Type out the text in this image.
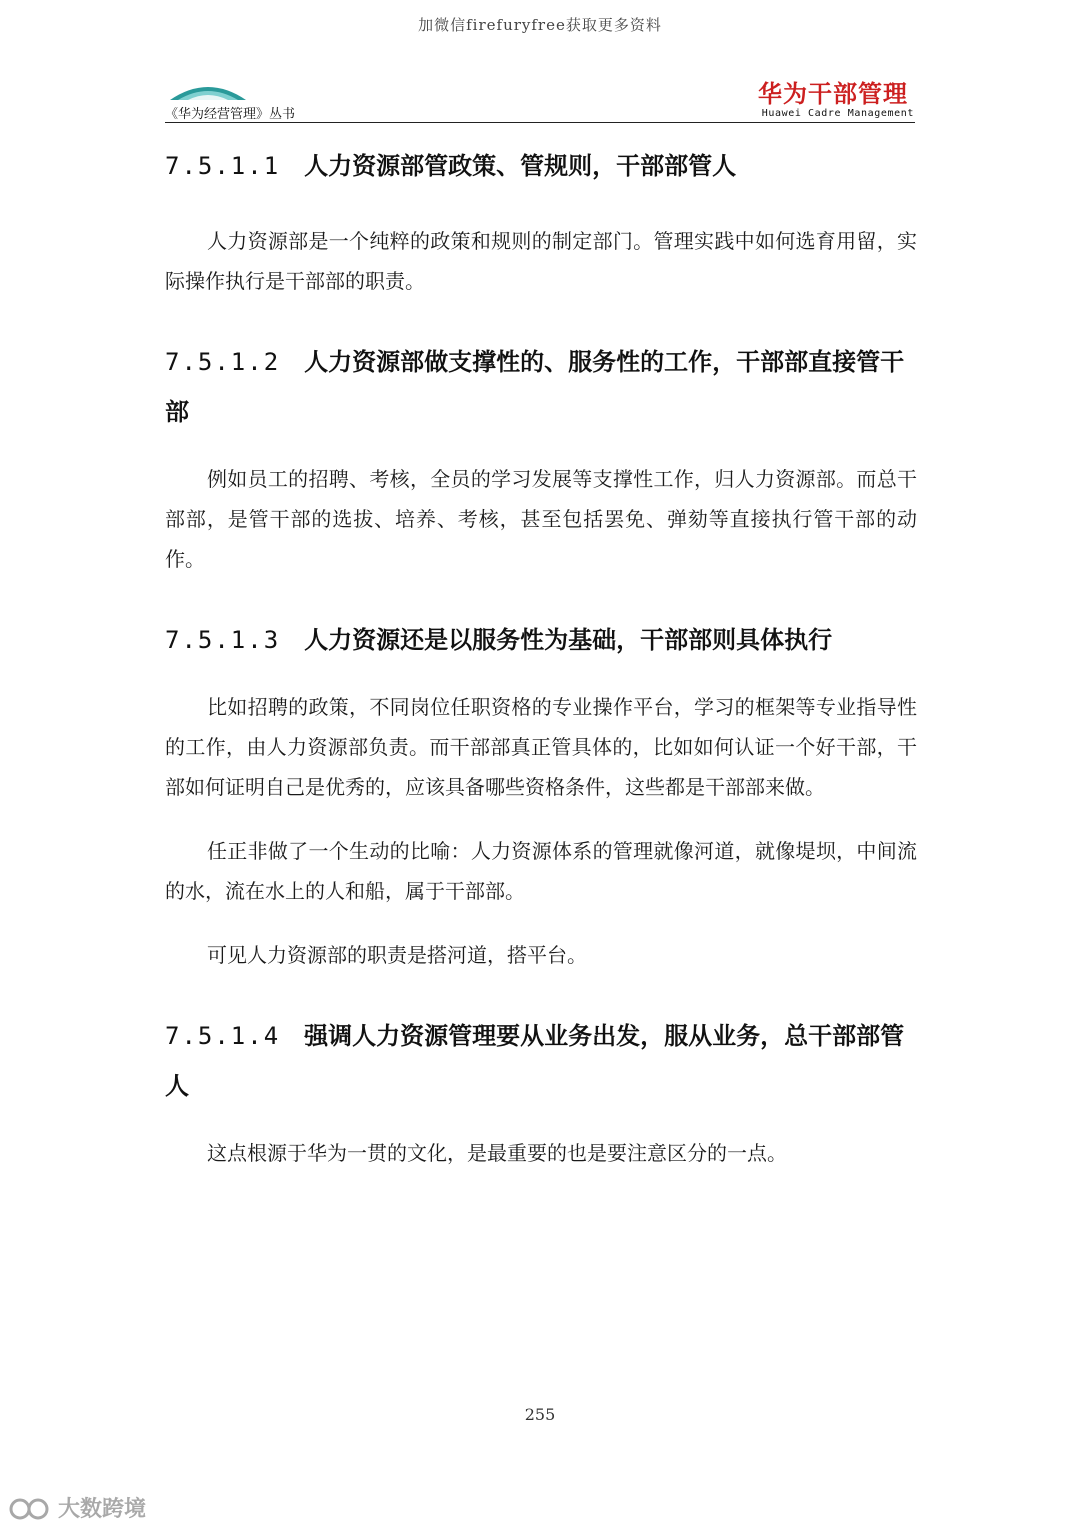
加微信firefuryfree获取更多资料
《华为经营管理》丛书
华为干部管理
Huawei Cadre Management
7.5.1.1 人力资源部管政策、管规则，干部部管人

人力资源部是一个纯粹的政策和规则的制定部门。管理实践中如何选育用留，实际操作执行是干部部的职责。

7.5.1.2 人力资源部做支撑性的、服务性的工作，干部部直接管干部

例如员工的招聘、考核，全员的学习发展等支撑性工作，归人力资源部。而总干部部，是管干部的选拔、培养、考核，甚至包括罢免、弹劾等直接执行管干部的动作。

7.5.1.3 人力资源还是以服务性为基础，干部部则具体执行

比如招聘的政策，不同岗位任职资格的专业操作平台，学习的框架等专业指导性的工作，由人力资源部负责。而干部部真正管具体的，比如如何认证一个好干部，干部如何证明自己是优秀的，应该具备哪些资格条件，这些都是干部部来做。

任正非做了一个生动的比喻：人力资源体系的管理就像河道，就像堤坝，中间流的水，流在水上的人和船，属于干部部。

可见人力资源部的职责是搭河道，搭平台。

7.5.1.4 强调人力资源管理要从业务出发，服从业务，总干部部管人

这点根源于华为一贯的文化，是最重要的也是要注意区分的一点。

255
大数跨境
